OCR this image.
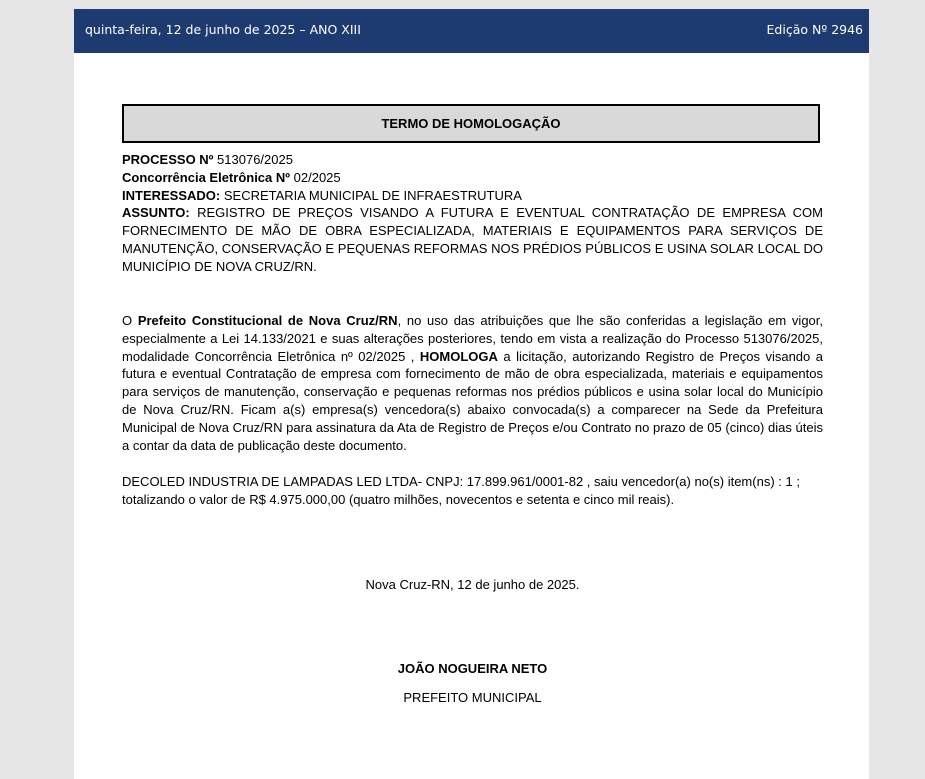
quinta-feira, 12 de junho de 2025 – ANO XIII	Edição Nº 2946
TERMO DE HOMOLOGAÇÃO

PROCESSO Nº 513076/2025

Concorrência Eletrônica Nº 02/2025

INTERESSADO: SECRETARIA MUNICIPAL DE INFRAESTRUTURA

ASSUNTO: REGISTRO DE PREÇOS VISANDO A FUTURA E EVENTUAL CONTRATAÇÃO DE EMPRESA COM FORNECIMENTO DE MÃO DE OBRA ESPECIALIZADA, MATERIAIS E EQUIPAMENTOS PARA SERVIÇOS DE MANUTENÇÃO, CONSERVAÇÃO E PEQUENAS REFORMAS NOS PRÉDIOS PÚBLICOS E USINA SOLAR LOCAL DO MUNICÍPIO DE NOVA CRUZ/RN.

O Prefeito Constitucional de Nova Cruz/RN, no uso das atribuições que lhe são conferidas a legislação em vigor, especialmente a Lei 14.133/2021 e suas alterações posteriores, tendo em vista a realização do Processo 513076/2025, modalidade Concorrência Eletrônica nº 02/2025 , HOMOLOGA a licitação, autorizando Registro de Preços visando a futura e eventual Contratação de empresa com fornecimento de mão de obra especializada, materiais e equipamentos para serviços de manutenção, conservação e pequenas reformas nos prédios públicos e usina solar local do Município de Nova Cruz/RN. Ficam a(s) empresa(s) vencedora(s) abaixo convocada(s) a comparecer na Sede da Prefeitura Municipal de Nova Cruz/RN para assinatura da Ata de Registro de Preços e/ou Contrato no prazo de 05 (cinco) dias úteis a contar da data de publicação deste documento.
DECOLED INDUSTRIA DE LAMPADAS LED LTDA- CNPJ: 17.899.961/0001-82 , saiu vencedor(a) no(s) item(ns) : 1 ; totalizando o valor de R$ 4.975.000,00 (quatro milhões, novecentos e setenta e cinco mil reais).
Nova Cruz-RN, 12 de junho de 2025.
JOÃO NOGUEIRA NETO
PREFEITO MUNICIPAL
